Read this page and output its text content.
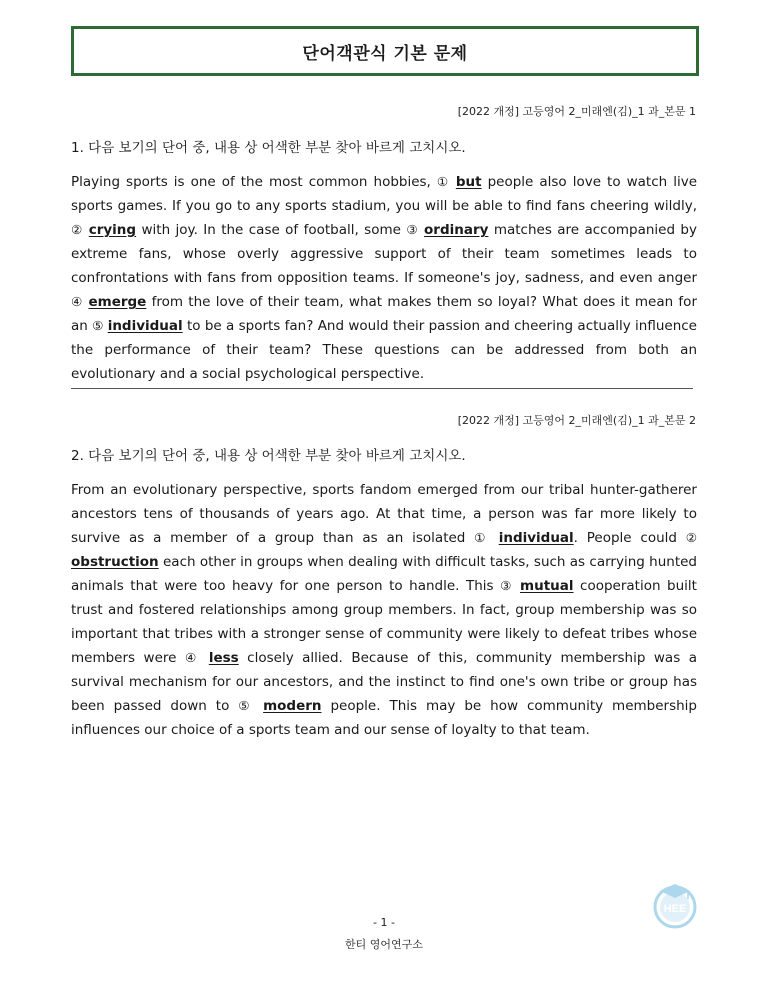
단어객관식 기본 문제
[2022 개정] 고등영어 2_미래엔(김)_1 과_본문 1
1. 다음 보기의 단어 중, 내용 상 어색한 부분 찾아 바르게 고치시오.

Playing sports is one of the most common hobbies, ① but people also love to watch live sports games. If you go to any sports stadium, you will be able to find fans cheering wildly, ② crying with joy. In the case of football, some ③ ordinary matches are accompanied by extreme fans, whose overly aggressive support of their team sometimes leads to confrontations with fans from opposition teams. If someone's joy, sadness, and even anger ④ emerge from the love of their team, what makes them so loyal? What does it mean for an ⑤ individual to be a sports fan? And would their passion and cheering actually influence the performance of their team? These questions can be addressed from both an evolutionary and a social psychological perspective.

[2022 개정] 고등영어 2_미래엔(김)_1 과_본문 2
2. 다음 보기의 단어 중, 내용 상 어색한 부분 찾아 바르게 고치시오.

From an evolutionary perspective, sports fandom emerged from our tribal hunter-gatherer ancestors tens of thousands of years ago. At that time, a person was far more likely to survive as a member of a group than as an isolated ① individual. People could ② obstruction each other in groups when dealing with difficult tasks, such as carrying hunted animals that were too heavy for one person to handle. This ③ mutual cooperation built trust and fostered relationships among group members. In fact, group membership was so important that tribes with a stronger sense of community were likely to defeat tribes whose members were ④ less closely allied. Because of this, community membership was a survival mechanism for our ancestors, and the instinct to find one's own tribe or group has been passed down to ⑤ modern people. This may be how community membership influences our choice of a sports team and our sense of loyalty to that team.

HEE
- 1 -
한티 영어연구소
